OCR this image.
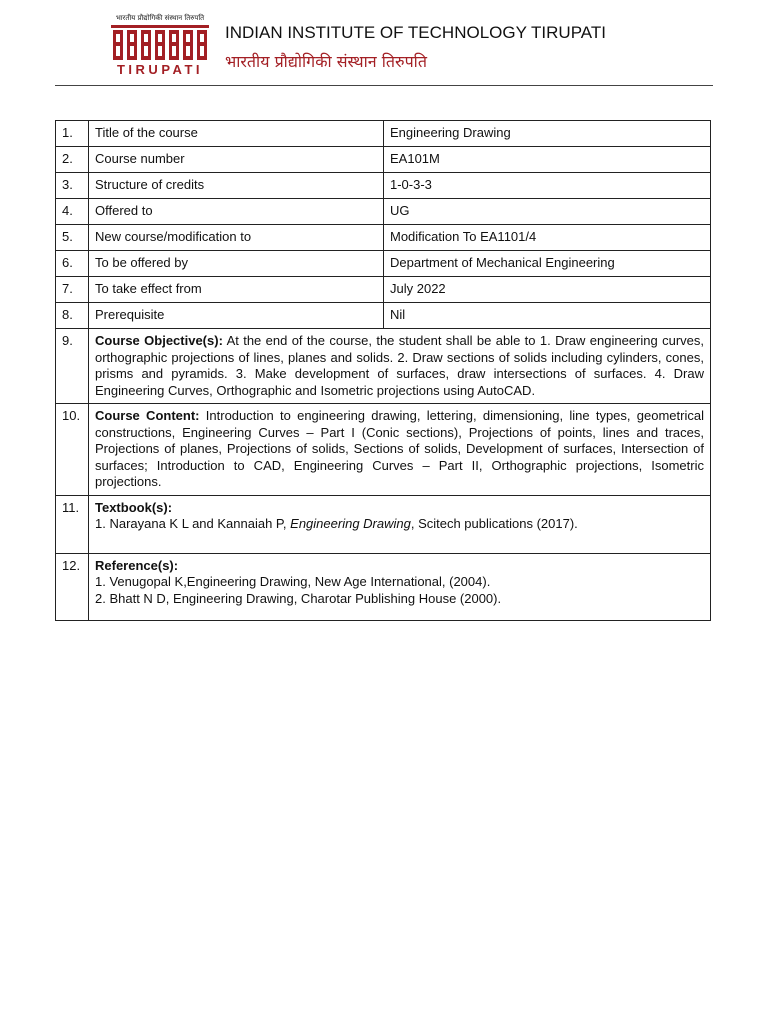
भारतीय प्रौद्योगिकी संस्थान तिरुपति
TIRUPATI
INDIAN INSTITUTE OF TECHNOLOGY TIRUPATI
भारतीय प्रौद्योगिकी संस्थान तिरुपति
1.	Title of the course	Engineering Drawing
2.	Course number	EA101M
3.	Structure of credits	1-0-3-3
4.	Offered to	UG
5.	New course/modification to	Modification To EA1101/4
6.	To be offered by	Department of Mechanical Engineering
7.	To take effect from	July 2022
8.	Prerequisite	Nil
9.	Course Objective(s): At the end of the course, the student shall be able to 1. Draw engineering curves, orthographic projections of lines, planes and solids. 2. Draw sections of solids including cylinders, cones, prisms and pyramids. 3. Make development of surfaces, draw intersections of surfaces. 4. Draw Engineering Curves, Orthographic and Isometric projections using AutoCAD.	
10.	Course Content: Introduction to engineering drawing, lettering, dimensioning, line types, geometrical constructions, Engineering Curves – Part I (Conic sections), Projections of points, lines and traces, Projections of planes, Projections of solids, Sections of solids, Development of surfaces, Intersection of surfaces; Introduction to CAD, Engineering Curves – Part II, Orthographic projections, Isometric projections.	
11.	Textbook(s):
1. Narayana K L and Kannaiah P, Engineering Drawing, Scitech publications (2017).	

12.	Reference(s):
1. Venugopal K,Engineering Drawing, New Age International, (2004).
2. Bhatt N D, Engineering Drawing, Charotar Publishing House (2000).	
